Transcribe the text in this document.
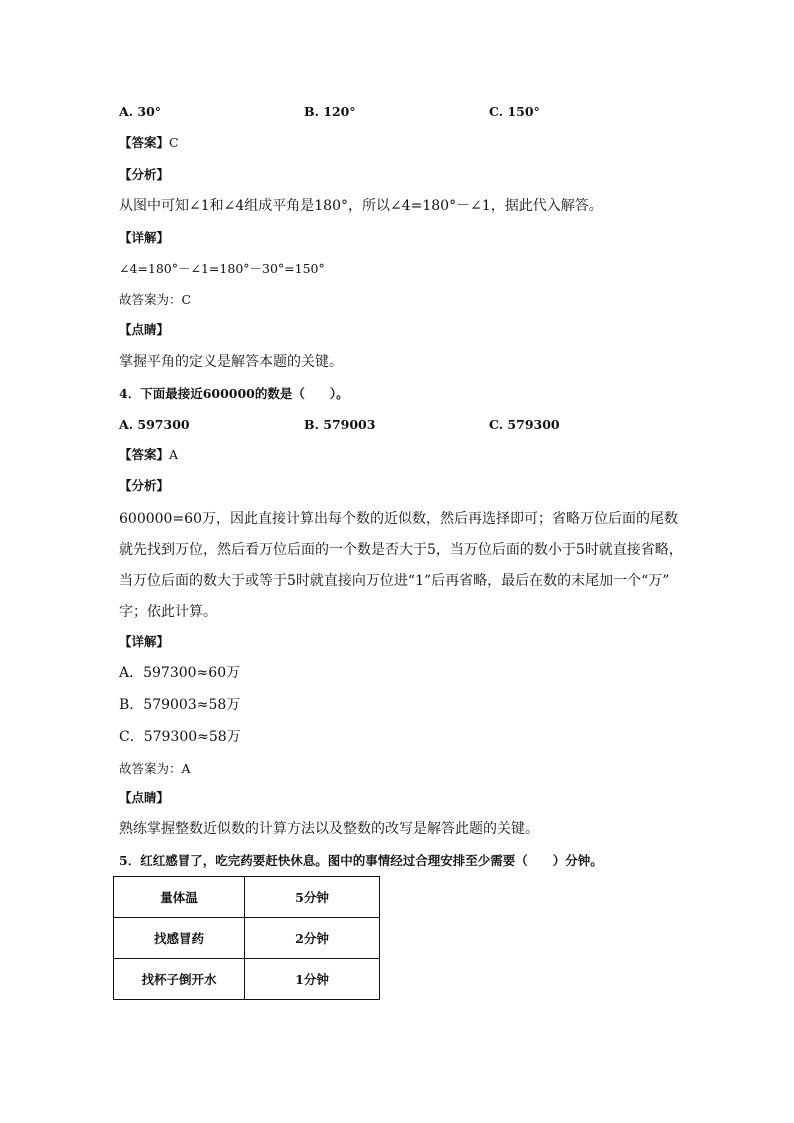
A. 30°	B. 120°	C. 150°
【答案】C
【分析】
从图中可知∠1和∠4组成平角是180°，所以∠4=180°－∠1，据此代入解答。
【详解】
∠4=180°－∠1=180°－30°=150°
故答案为：C
【点睛】
掌握平角的定义是解答本题的关键。
4．下面最接近600000的数是（　　）。
A. 597300	B. 579003	C. 579300
【答案】A
【分析】
600000=60万，因此直接计算出每个数的近似数，然后再选择即可；省略万位后面的尾数
就先找到万位，然后看万位后面的一个数是否大于5，当万位后面的数小于5时就直接省略，
当万位后面的数大于或等于5时就直接向万位进“1”后再省略，最后在数的末尾加一个“万”
字；依此计算。
【详解】
A．597300≈60万
B．579003≈58万
C．579300≈58万
故答案为：A
【点睛】
熟练掌握整数近似数的计算方法以及整数的改写是解答此题的关键。
5．红红感冒了，吃完药要赶快休息。图中的事情经过合理安排至少需要（　　）分钟。
量体温	5分钟
找感冒药	2分钟
找杯子倒开水	1分钟
